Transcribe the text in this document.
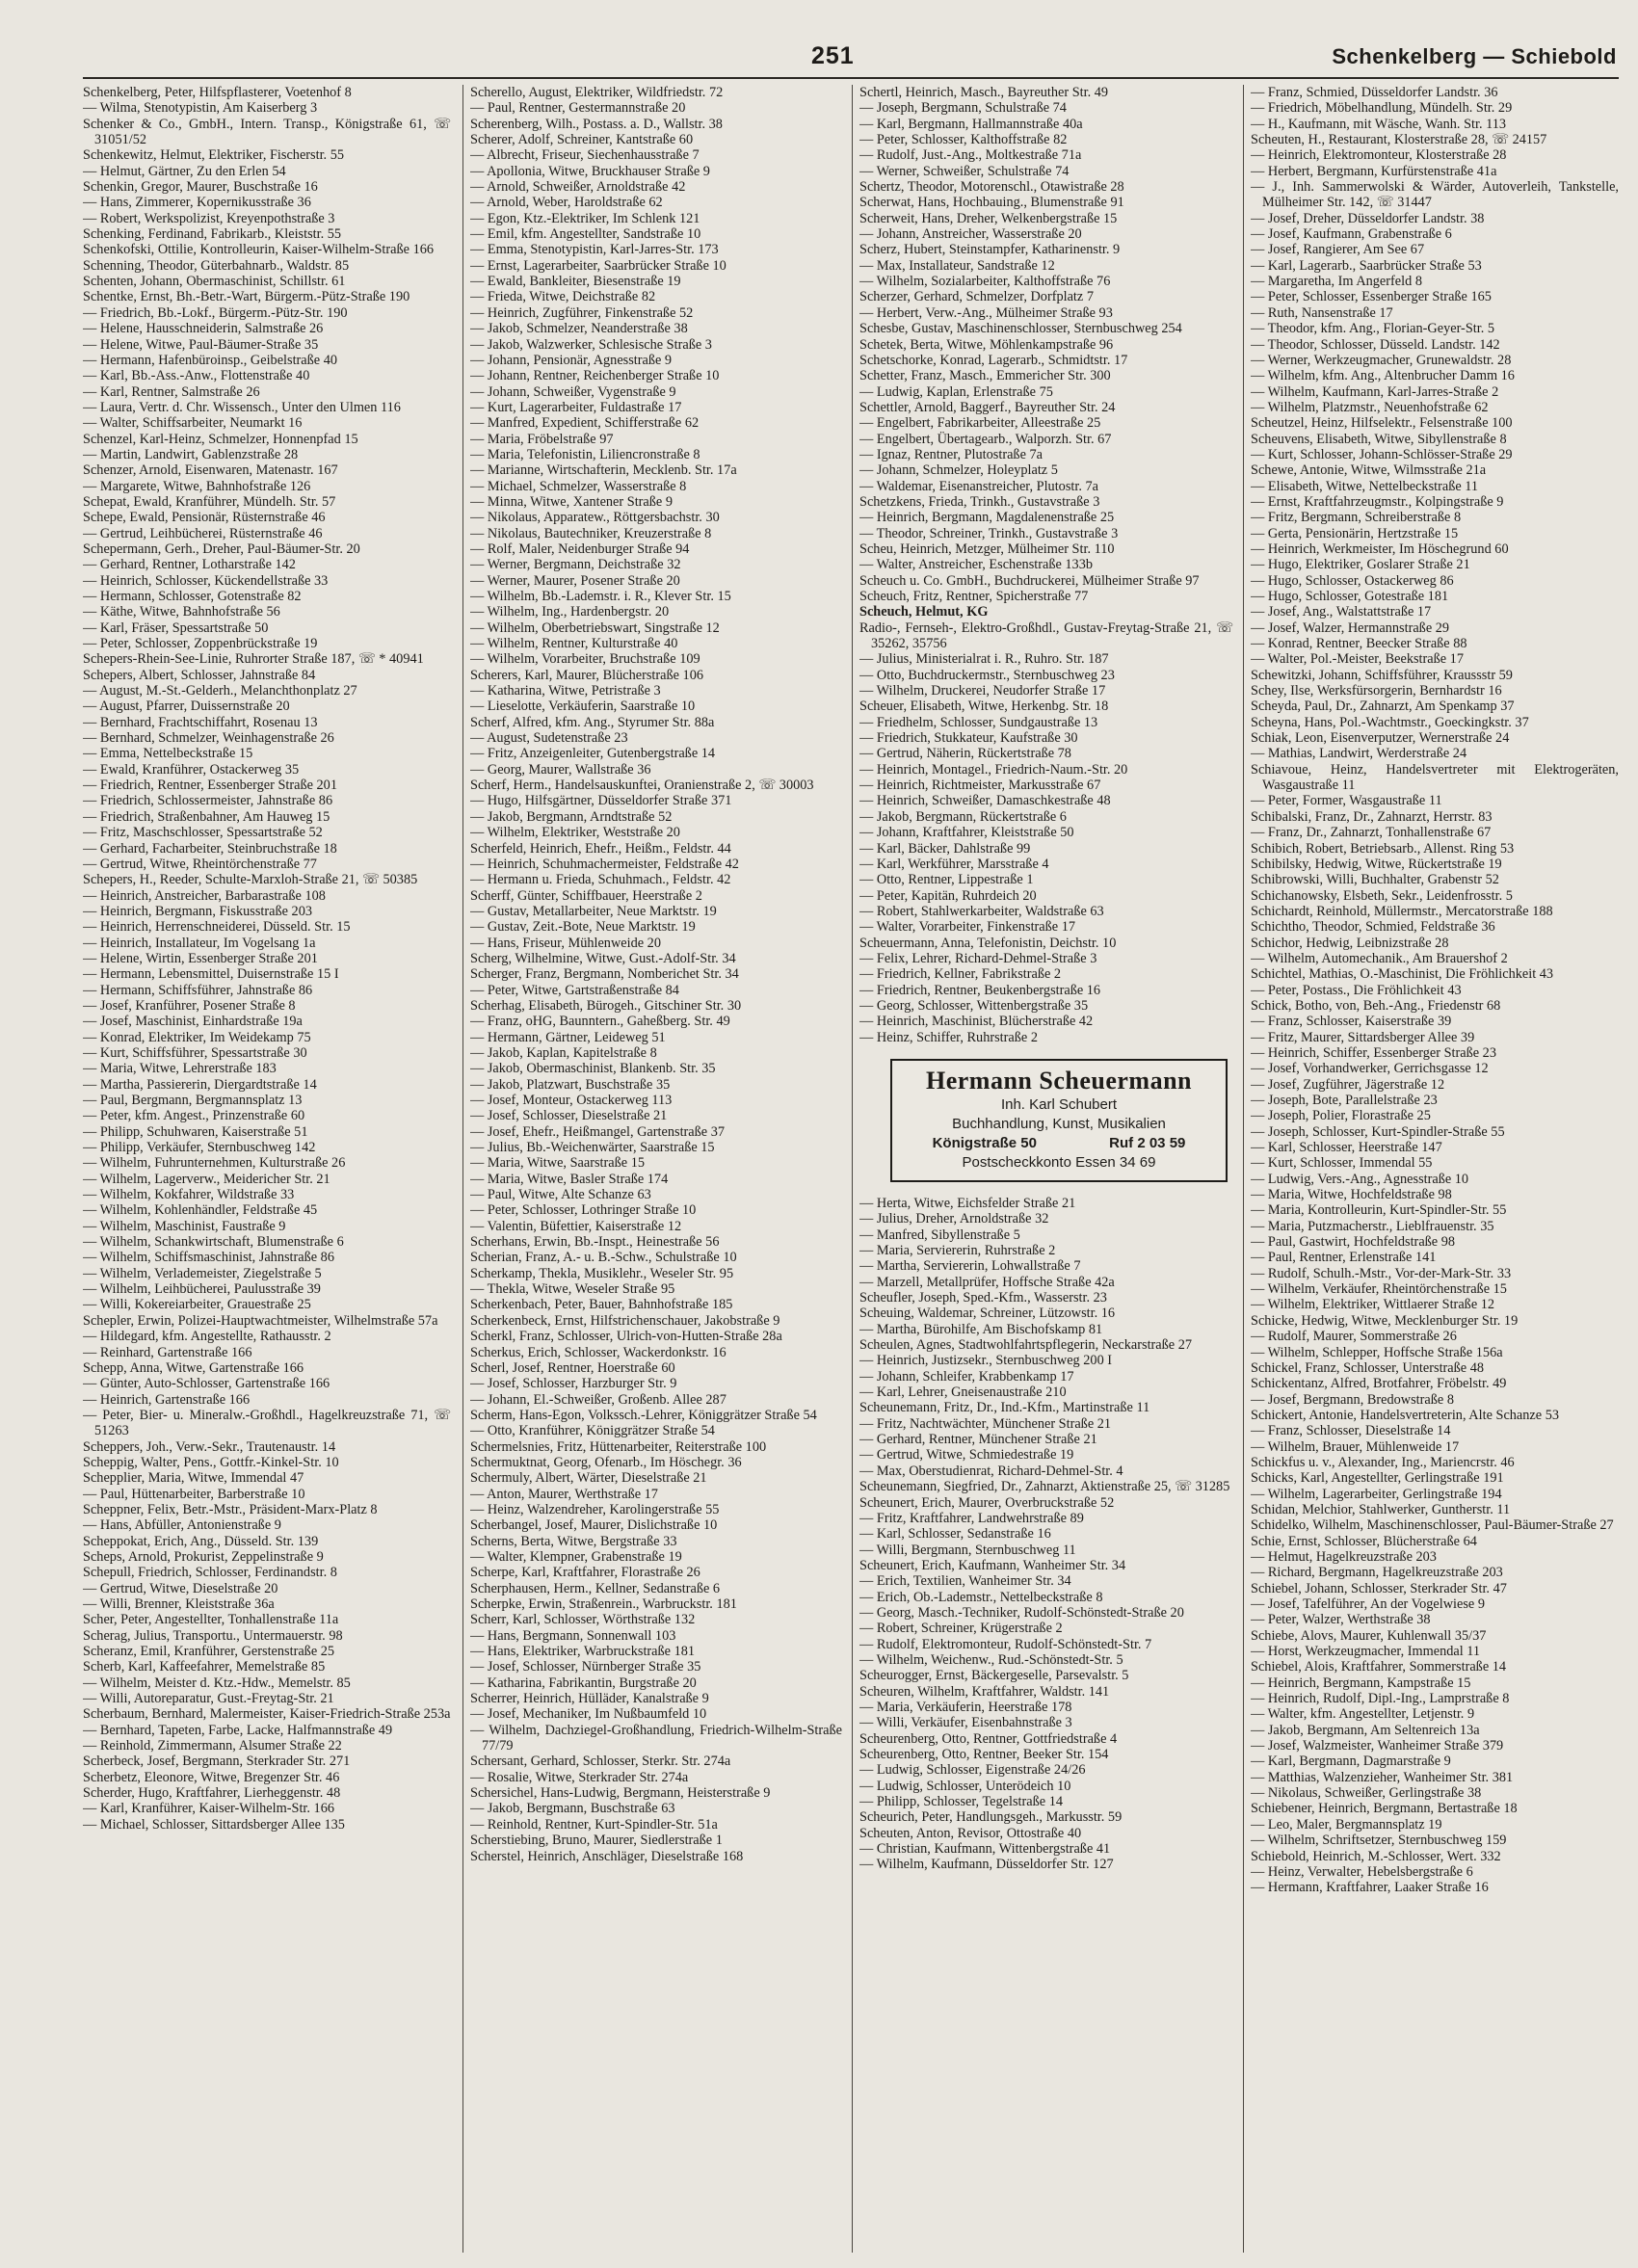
251	Schenkelberg — Schiebold

Schenkelberg, Peter, Hilfspflasterer, Voetenhof 8

— Wilma, Stenotypistin, Am Kaiserberg 3

Schenker & Co., GmbH., Intern. Transp., Königstraße 61, ☏ 31051/52

Schenkewitz, Helmut, Elektriker, Fischerstr. 55

— Helmut, Gärtner, Zu den Erlen 54

Schenkin, Gregor, Maurer, Buschstraße 16

— Hans, Zimmerer, Kopernikusstraße 36

— Robert, Werkspolizist, Kreyenpothstraße 3

Schenking, Ferdinand, Fabrikarb., Kleiststr. 55

Schenkofski, Ottilie, Kontrolleurin, Kaiser-Wilhelm-Straße 166

Schenning, Theodor, Güterbahnarb., Waldstr. 85

Schenten, Johann, Obermaschinist, Schillstr. 61

Schentke, Ernst, Bh.-Betr.-Wart, Bürgerm.-Pütz-Straße 190

— Friedrich, Bb.-Lokf., Bürgerm.-Pütz-Str. 190

— Helene, Hausschneiderin, Salmstraße 26

— Helene, Witwe, Paul-Bäumer-Straße 35

— Hermann, Hafenbüroinsp., Geibelstraße 40

— Karl, Bb.-Ass.-Anw., Flottenstraße 40

— Karl, Rentner, Salmstraße 26

— Laura, Vertr. d. Chr. Wissensch., Unter den Ulmen 116

— Walter, Schiffsarbeiter, Neumarkt 16

Schenzel, Karl-Heinz, Schmelzer, Honnenpfad 15

— Martin, Landwirt, Gablenzstraße 28

Schenzer, Arnold, Eisenwaren, Matenastr. 167

— Margarete, Witwe, Bahnhofstraße 126

Schepat, Ewald, Kranführer, Mündelh. Str. 57

Schepe, Ewald, Pensionär, Rüsternstraße 46

— Gertrud, Leihbücherei, Rüsternstraße 46

Schepermann, Gerh., Dreher, Paul-Bäumer-Str. 20

— Gerhard, Rentner, Lotharstraße 142

— Heinrich, Schlosser, Kückendellstraße 33

— Hermann, Schlosser, Gotenstraße 82

— Käthe, Witwe, Bahnhofstraße 56

— Karl, Fräser, Spessartstraße 50

— Peter, Schlosser, Zoppenbrückstraße 19

Schepers-Rhein-See-Linie, Ruhrorter Straße 187, ☏ * 40941

Schepers, Albert, Schlosser, Jahnstraße 84

— August, M.-St.-Gelderh., Melanchthonplatz 27

— August, Pfarrer, Duissernstraße 20

— Bernhard, Frachtschiffahrt, Rosenau 13

— Bernhard, Schmelzer, Weinhagenstraße 26

— Emma, Nettelbeckstraße 15

— Ewald, Kranführer, Ostackerweg 35

— Friedrich, Rentner, Essenberger Straße 201

— Friedrich, Schlossermeister, Jahnstraße 86

— Friedrich, Straßenbahner, Am Hauweg 15

— Fritz, Maschschlosser, Spessartstraße 52

— Gerhard, Facharbeiter, Steinbruchstraße 18

— Gertrud, Witwe, Rheintörchenstraße 77

Schepers, H., Reeder, Schulte-Marxloh-Straße 21, ☏ 50385

— Heinrich, Anstreicher, Barbarastraße 108

— Heinrich, Bergmann, Fiskusstraße 203

— Heinrich, Herrenschneiderei, Düsseld. Str. 15

— Heinrich, Installateur, Im Vogelsang 1a

— Helene, Wirtin, Essenberger Straße 201

— Hermann, Lebensmittel, Duisernstraße 15 I

— Hermann, Schiffsführer, Jahnstraße 86

— Josef, Kranführer, Posener Straße 8

— Josef, Maschinist, Einhardstraße 19a

— Konrad, Elektriker, Im Weidekamp 75

— Kurt, Schiffsführer, Spessartstraße 30

— Maria, Witwe, Lehrerstraße 183

— Martha, Passiererin, Diergardtstraße 14

— Paul, Bergmann, Bergmannsplatz 13

— Peter, kfm. Angest., Prinzenstraße 60

— Philipp, Schuhwaren, Kaiserstraße 51

— Philipp, Verkäufer, Sternbuschweg 142

— Wilhelm, Fuhrunternehmen, Kulturstraße 26

— Wilhelm, Lagerverw., Meidericher Str. 21

— Wilhelm, Kokfahrer, Wildstraße 33

— Wilhelm, Kohlenhändler, Feldstraße 45

— Wilhelm, Maschinist, Faustraße 9

— Wilhelm, Schankwirtschaft, Blumenstraße 6

— Wilhelm, Schiffsmaschinist, Jahnstraße 86

— Wilhelm, Verlademeister, Ziegelstraße 5

— Wilhelm, Leihbücherei, Paulusstraße 39

— Willi, Kokereiarbeiter, Grauestraße 25

Schepler, Erwin, Polizei-Hauptwachtmeister, Wilhelmstraße 57a

— Hildegard, kfm. Angestellte, Rathausstr. 2

— Reinhard, Gartenstraße 166

Schepp, Anna, Witwe, Gartenstraße 166

— Günter, Auto-Schlosser, Gartenstraße 166

— Heinrich, Gartenstraße 166

— Peter, Bier- u. Mineralw.-Großhdl., Hagelkreuzstraße 71, ☏ 51263

Scheppers, Joh., Verw.-Sekr., Trautenaustr. 14

Scheppig, Walter, Pens., Gottfr.-Kinkel-Str. 10

Schepplier, Maria, Witwe, Immendal 47

— Paul, Hüttenarbeiter, Barberstraße 10

Scheppner, Felix, Betr.-Mstr., Präsident-Marx-Platz 8

— Hans, Abfüller, Antonienstraße 9

Scheppokat, Erich, Ang., Düsseld. Str. 139

Scheps, Arnold, Prokurist, Zeppelinstraße 9

Schepull, Friedrich, Schlosser, Ferdinandstr. 8

— Gertrud, Witwe, Dieselstraße 20

— Willi, Brenner, Kleiststraße 36a

Scher, Peter, Angestellter, Tonhallenstraße 11a

Scherag, Julius, Transportu., Untermauerstr. 98

Scheranz, Emil, Kranführer, Gerstenstraße 25

Scherb, Karl, Kaffeefahrer, Memelstraße 85

— Wilhelm, Meister d. Ktz.-Hdw., Memelstr. 85

— Willi, Autoreparatur, Gust.-Freytag-Str. 21

Scherbaum, Bernhard, Malermeister, Kaiser-Friedrich-Straße 253a

— Bernhard, Tapeten, Farbe, Lacke, Halfmannstraße 49

— Reinhold, Zimmermann, Alsumer Straße 22

Scherbeck, Josef, Bergmann, Sterkrader Str. 271

Scherbetz, Eleonore, Witwe, Bregenzer Str. 46

Scherder, Hugo, Kraftfahrer, Lierheggenstr. 48

— Karl, Kranführer, Kaiser-Wilhelm-Str. 166

— Michael, Schlosser, Sittardsberger Allee 135

Scherello, August, Elektriker, Wildfriedstr. 72

— Paul, Rentner, Gestermannstraße 20

Scherenberg, Wilh., Postass. a. D., Wallstr. 38

Scherer, Adolf, Schreiner, Kantstraße 60

— Albrecht, Friseur, Siechenhausstraße 7

— Apollonia, Witwe, Bruckhauser Straße 9

— Arnold, Schweißer, Arnoldstraße 42

— Arnold, Weber, Haroldstraße 62

— Egon, Ktz.-Elektriker, Im Schlenk 121

— Emil, kfm. Angestellter, Sandstraße 10

— Emma, Stenotypistin, Karl-Jarres-Str. 173

— Ernst, Lagerarbeiter, Saarbrücker Straße 10

— Ewald, Bankleiter, Biesenstraße 19

— Frieda, Witwe, Deichstraße 82

— Heinrich, Zugführer, Finkenstraße 52

— Jakob, Schmelzer, Neanderstraße 38

— Jakob, Walzwerker, Schlesische Straße 3

— Johann, Pensionär, Agnesstraße 9

— Johann, Rentner, Reichenberger Straße 10

— Johann, Schweißer, Vygenstraße 9

— Kurt, Lagerarbeiter, Fuldastraße 17

— Manfred, Expedient, Schifferstraße 62

— Maria, Fröbelstraße 97

— Maria, Telefonistin, Liliencronstraße 8

— Marianne, Wirtschafterin, Mecklenb. Str. 17a

— Michael, Schmelzer, Wasserstraße 8

— Minna, Witwe, Xantener Straße 9

— Nikolaus, Apparatew., Röttgersbachstr. 30

— Nikolaus, Bautechniker, Kreuzerstraße 8

— Rolf, Maler, Neidenburger Straße 94

— Werner, Bergmann, Deichstraße 32

— Werner, Maurer, Posener Straße 20

— Wilhelm, Bb.-Lademstr. i. R., Klever Str. 15

— Wilhelm, Ing., Hardenbergstr. 20

— Wilhelm, Oberbetriebswart, Singstraße 12

— Wilhelm, Rentner, Kulturstraße 40

— Wilhelm, Vorarbeiter, Bruchstraße 109

Scherers, Karl, Maurer, Blücherstraße 106

— Katharina, Witwe, Petristraße 3

— Lieselotte, Verkäuferin, Saarstraße 10

Scherf, Alfred, kfm. Ang., Styrumer Str. 88a

— August, Sudetenstraße 23

— Fritz, Anzeigenleiter, Gutenbergstraße 14

— Georg, Maurer, Wallstraße 36

Scherf, Herm., Handelsauskunftei, Oranienstraße 2, ☏ 30003

— Hugo, Hilfsgärtner, Düsseldorfer Straße 371

— Jakob, Bergmann, Arndtstraße 52

— Wilhelm, Elektriker, Weststraße 20

Scherfeld, Heinrich, Ehefr., Heißm., Feldstr. 44

— Heinrich, Schuhmachermeister, Feldstraße 42

— Hermann u. Frieda, Schuhmach., Feldstr. 42

Scherff, Günter, Schiffbauer, Heerstraße 2

— Gustav, Metallarbeiter, Neue Marktstr. 19

— Gustav, Zeit.-Bote, Neue Marktstr. 19

— Hans, Friseur, Mühlenweide 20

Scherg, Wilhelmine, Witwe, Gust.-Adolf-Str. 34

Scherger, Franz, Bergmann, Nomberichet Str. 34

— Peter, Witwe, Gartstraßenstraße 84

Scherhag, Elisabeth, Bürogeh., Gitschiner Str. 30

— Franz, oHG, Baunntern., Gaheßberg. Str. 49

— Hermann, Gärtner, Leideweg 51

— Jakob, Kaplan, Kapitelstraße 8

— Jakob, Obermaschinist, Blankenb. Str. 35

— Jakob, Platzwart, Buschstraße 35

— Josef, Monteur, Ostackerweg 113

— Josef, Schlosser, Dieselstraße 21

— Josef, Ehefr., Heißmangel, Gartenstraße 37

— Julius, Bb.-Weichenwärter, Saarstraße 15

— Maria, Witwe, Saarstraße 15

— Maria, Witwe, Basler Straße 174

— Paul, Witwe, Alte Schanze 63

— Peter, Schlosser, Lothringer Straße 10

— Valentin, Büfettier, Kaiserstraße 12

Scherhans, Erwin, Bb.-Inspt., Heinestraße 56

Scherian, Franz, A.- u. B.-Schw., Schulstraße 10

Scherkamp, Thekla, Musiklehr., Weseler Str. 95

— Thekla, Witwe, Weseler Straße 95

Scherkenbach, Peter, Bauer, Bahnhofstraße 185

Scherkenbeck, Ernst, Hilfstrichenschauer, Jakobstraße 9

Scherkl, Franz, Schlosser, Ulrich-von-Hutten-Straße 28a

Scherkus, Erich, Schlosser, Wackerdonkstr. 16

Scherl, Josef, Rentner, Hoerstraße 60

— Josef, Schlosser, Harzburger Str. 9

— Johann, El.-Schweißer, Großenb. Allee 287

Scherm, Hans-Egon, Volkssch.-Lehrer, Königgrätzer Straße 54

— Otto, Kranführer, Königgrätzer Straße 54

Schermelsnies, Fritz, Hüttenarbeiter, Reiterstraße 100

Schermuktnat, Georg, Ofenarb., Im Höschegr. 36

Schermuly, Albert, Wärter, Dieselstraße 21

— Anton, Maurer, Werthstraße 17

— Heinz, Walzendreher, Karolingerstraße 55

Scherbangel, Josef, Maurer, Dislichstraße 10

Scherns, Berta, Witwe, Bergstraße 33

— Walter, Klempner, Grabenstraße 19

Scherpe, Karl, Kraftfahrer, Florastraße 26

Scherphausen, Herm., Kellner, Sedanstraße 6

Scherpke, Erwin, Straßenrein., Warbruckstr. 181

Scherr, Karl, Schlosser, Wörthstraße 132

— Hans, Bergmann, Sonnenwall 103

— Hans, Elektriker, Warbruckstraße 181

— Josef, Schlosser, Nürnberger Straße 35

— Katharina, Fabrikantin, Burgstraße 20

Scherrer, Heinrich, Hülläder, Kanalstraße 9

— Josef, Mechaniker, Im Nußbaumfeld 10

— Wilhelm, Dachziegel-Großhandlung, Friedrich-Wilhelm-Straße 77/79

Schersant, Gerhard, Schlosser, Sterkr. Str. 274a

— Rosalie, Witwe, Sterkrader Str. 274a

Schersichel, Hans-Ludwig, Bergmann, Heisterstraße 9

— Jakob, Bergmann, Buschstraße 63

— Reinhold, Rentner, Kurt-Spindler-Str. 51a

Scherstiebing, Bruno, Maurer, Siedlerstraße 1

Scherstel, Heinrich, Anschläger, Dieselstraße 168

Schertl, Heinrich, Masch., Bayreuther Str. 49

— Joseph, Bergmann, Schulstraße 74

— Karl, Bergmann, Hallmannstraße 40a

— Peter, Schlosser, Kalthoffstraße 82

— Rudolf, Just.-Ang., Moltkestraße 71a

— Werner, Schweißer, Schulstraße 74

Schertz, Theodor, Motorenschl., Otawistraße 28

Scherwat, Hans, Hochbauing., Blumenstraße 91

Scherweit, Hans, Dreher, Welkenbergstraße 15

— Johann, Anstreicher, Wasserstraße 20

Scherz, Hubert, Steinstampfer, Katharinenstr. 9

— Max, Installateur, Sandstraße 12

— Wilhelm, Sozialarbeiter, Kalthoffstraße 76

Scherzer, Gerhard, Schmelzer, Dorfplatz 7

— Herbert, Verw.-Ang., Mülheimer Straße 93

Schesbe, Gustav, Maschinenschlosser, Sternbuschweg 254

Schetek, Berta, Witwe, Möhlenkampstraße 96

Schetschorke, Konrad, Lagerarb., Schmidtstr. 17

Schetter, Franz, Masch., Emmericher Str. 300

— Ludwig, Kaplan, Erlenstraße 75

Schettler, Arnold, Baggerf., Bayreuther Str. 24

— Engelbert, Fabrikarbeiter, Alleestraße 25

— Engelbert, Übertagearb., Walporzh. Str. 67

— Ignaz, Rentner, Plutostraße 7a

— Johann, Schmelzer, Holeyplatz 5

— Waldemar, Eisenanstreicher, Plutostr. 7a

Schetzkens, Frieda, Trinkh., Gustavstraße 3

— Heinrich, Bergmann, Magdalenenstraße 25

— Theodor, Schreiner, Trinkh., Gustavstraße 3

Scheu, Heinrich, Metzger, Mülheimer Str. 110

— Walter, Anstreicher, Eschenstraße 133b

Scheuch u. Co. GmbH., Buchdruckerei, Mülheimer Straße 97

Scheuch, Fritz, Rentner, Spicherstraße 77

Scheuch, Helmut, KG

Radio-, Fernseh-, Elektro-Großhdl., Gustav-Freytag-Straße 21, ☏ 35262, 35756

— Julius, Ministerialrat i. R., Ruhro. Str. 187

— Otto, Buchdruckermstr., Sternbuschweg 23

— Wilhelm, Druckerei, Neudorfer Straße 17

Scheuer, Elisabeth, Witwe, Herkenbg. Str. 18

— Friedhelm, Schlosser, Sundgaustraße 13

— Friedrich, Stukkateur, Kaufstraße 30

— Gertrud, Näherin, Rückertstraße 78

— Heinrich, Montagel., Friedrich-Naum.-Str. 20

— Heinrich, Richtmeister, Markusstraße 67

— Heinrich, Schweißer, Damaschkestraße 48

— Jakob, Bergmann, Rückertstraße 6

— Johann, Kraftfahrer, Kleiststraße 50

— Karl, Bäcker, Dahlstraße 99

— Karl, Werkführer, Marsstraße 4

— Otto, Rentner, Lippestraße 1

— Peter, Kapitän, Ruhrdeich 20

— Robert, Stahlwerkarbeiter, Waldstraße 63

— Walter, Vorarbeiter, Finkenstraße 17

Scheuermann, Anna, Telefonistin, Deichstr. 10

— Felix, Lehrer, Richard-Dehmel-Straße 3

— Friedrich, Kellner, Fabrikstraße 2

— Friedrich, Rentner, Beukenbergstraße 16

— Georg, Schlosser, Wittenbergstraße 35

— Heinrich, Maschinist, Blücherstraße 42

— Heinz, Schiffer, Ruhrstraße 2

Hermann Scheuermann
Inh. Karl Schubert
Buchhandlung, Kunst, Musikalien
Königstraße 50	Ruf 2 03 59
Postscheckkonto Essen 34 69

— Herta, Witwe, Eichsfelder Straße 21

— Julius, Dreher, Arnoldstraße 32

— Manfred, Sibyllenstraße 5

— Maria, Serviererin, Ruhrstraße 2

— Martha, Serviererin, Lohwallstraße 7

— Marzell, Metallprüfer, Hoffsche Straße 42a

Scheufler, Joseph, Sped.-Kfm., Wasserstr. 23

Scheuing, Waldemar, Schreiner, Lützowstr. 16

— Martha, Bürohilfe, Am Bischofskamp 81

Scheulen, Agnes, Stadtwohlfahrtspflegerin, Neckarstraße 27

— Heinrich, Justizsekr., Sternbuschweg 200 I

— Johann, Schleifer, Krabbenkamp 17

— Karl, Lehrer, Gneisenaustraße 210

Scheunemann, Fritz, Dr., Ind.-Kfm., Martinstraße 11

— Fritz, Nachtwächter, Münchener Straße 21

— Gerhard, Rentner, Münchener Straße 21

— Gertrud, Witwe, Schmiedestraße 19

— Max, Oberstudienrat, Richard-Dehmel-Str. 4

Scheunemann, Siegfried, Dr., Zahnarzt, Aktienstraße 25, ☏ 31285

Scheunert, Erich, Maurer, Overbruckstraße 52

— Fritz, Kraftfahrer, Landwehrstraße 89

— Karl, Schlosser, Sedanstraße 16

— Willi, Bergmann, Sternbuschweg 11

Scheunert, Erich, Kaufmann, Wanheimer Str. 34

— Erich, Textilien, Wanheimer Str. 34

— Erich, Ob.-Lademstr., Nettelbeckstraße 8

— Georg, Masch.-Techniker, Rudolf-Schönstedt-Straße 20

— Robert, Schreiner, Krügerstraße 2

— Rudolf, Elektromonteur, Rudolf-Schönstedt-Str. 7

— Wilhelm, Weichenw., Rud.-Schönstedt-Str. 5

Scheurogger, Ernst, Bäckergeselle, Parsevalstr. 5

Scheuren, Wilhelm, Kraftfahrer, Waldstr. 141

— Maria, Verkäuferin, Heerstraße 178

— Willi, Verkäufer, Eisenbahnstraße 3

Scheurenberg, Otto, Rentner, Gottfriedstraße 4

Scheurenberg, Otto, Rentner, Beeker Str. 154

— Ludwig, Schlosser, Eigenstraße 24/26

— Ludwig, Schlosser, Unterödeich 10

— Philipp, Schlosser, Tegelstraße 14

Scheurich, Peter, Handlungsgeh., Markusstr. 59

Scheuten, Anton, Revisor, Ottostraße 40

— Christian, Kaufmann, Wittenbergstraße 41

— Wilhelm, Kaufmann, Düsseldorfer Str. 127

— Franz, Schmied, Düsseldorfer Landstr. 36

— Friedrich, Möbelhandlung, Mündelh. Str. 29

— H., Kaufmann, mit Wäsche, Wanh. Str. 113

Scheuten, H., Restaurant, Klosterstraße 28, ☏ 24157

— Heinrich, Elektromonteur, Klosterstraße 28

— Herbert, Bergmann, Kurfürstenstraße 41a

— J., Inh. Sammerwolski & Wärder, Autoverleih, Tankstelle, Mülheimer Str. 142, ☏ 31447

— Josef, Dreher, Düsseldorfer Landstr. 38

— Josef, Kaufmann, Grabenstraße 6

— Josef, Rangierer, Am See 67

— Karl, Lagerarb., Saarbrücker Straße 53

— Margaretha, Im Angerfeld 8

— Peter, Schlosser, Essenberger Straße 165

— Ruth, Nansenstraße 17

— Theodor, kfm. Ang., Florian-Geyer-Str. 5

— Theodor, Schlosser, Düsseld. Landstr. 142

— Werner, Werkzeugmacher, Grunewaldstr. 28

— Wilhelm, kfm. Ang., Altenbrucher Damm 16

— Wilhelm, Kaufmann, Karl-Jarres-Straße 2

— Wilhelm, Platzmstr., Neuenhofstraße 62

Scheutzel, Heinz, Hilfselektr., Felsenstraße 100

Scheuvens, Elisabeth, Witwe, Sibyllenstraße 8

— Kurt, Schlosser, Johann-Schlösser-Straße 29

Schewe, Antonie, Witwe, Wilmsstraße 21a

— Elisabeth, Witwe, Nettelbeckstraße 11

— Ernst, Kraftfahrzeugmstr., Kolpingstraße 9

— Fritz, Bergmann, Schreiberstraße 8

— Gerta, Pensionärin, Hertzstraße 15

— Heinrich, Werkmeister, Im Höschegrund 60

— Hugo, Elektriker, Goslarer Straße 21

— Hugo, Schlosser, Ostackerweg 86

— Hugo, Schlosser, Gotestraße 181

— Josef, Ang., Walstattstraße 17

— Josef, Walzer, Hermannstraße 29

— Konrad, Rentner, Beecker Straße 88

— Walter, Pol.-Meister, Beekstraße 17

Schewitzki, Johann, Schiffsführer, Kraussstr 59

Schey, Ilse, Werksfürsorgerin, Bernhardstr 16

Scheyda, Paul, Dr., Zahnarzt, Am Spenkamp 37

Scheyna, Hans, Pol.-Wachtmstr., Goeckingkstr. 37

Schiak, Leon, Eisenverputzer, Wernerstraße 24

— Mathias, Landwirt, Werderstraße 24

Schiavoue, Heinz, Handelsvertreter mit Elektrogeräten, Wasgaustraße 11

— Peter, Former, Wasgaustraße 11

Schibalski, Franz, Dr., Zahnarzt, Herrstr. 83

— Franz, Dr., Zahnarzt, Tonhallenstraße 67

Schibich, Robert, Betriebsarb., Allenst. Ring 53

Schibilsky, Hedwig, Witwe, Rückertstraße 19

Schibrowski, Willi, Buchhalter, Grabenstr 52

Schichanowsky, Elsbeth, Sekr., Leidenfrosstr. 5

Schichardt, Reinhold, Müllermstr., Mercatorstraße 188

Schichtho, Theodor, Schmied, Feldstraße 36

Schichor, Hedwig, Leibnizstraße 28

— Wilhelm, Automechanik., Am Brauershof 2

Schichtel, Mathias, O.-Maschinist, Die Fröhlichkeit 43

— Peter, Postass., Die Fröhlichkeit 43

Schick, Botho, von, Beh.-Ang., Friedenstr 68

— Franz, Schlosser, Kaiserstraße 39

— Fritz, Maurer, Sittardsberger Allee 39

— Heinrich, Schiffer, Essenberger Straße 23

— Josef, Vorhandwerker, Gerrichsgasse 12

— Josef, Zugführer, Jägerstraße 12

— Joseph, Bote, Parallelstraße 23

— Joseph, Polier, Florastraße 25

— Joseph, Schlosser, Kurt-Spindler-Straße 55

— Karl, Schlosser, Heerstraße 147

— Kurt, Schlosser, Immendal 55

— Ludwig, Vers.-Ang., Agnesstraße 10

— Maria, Witwe, Hochfeldstraße 98

— Maria, Kontrolleurin, Kurt-Spindler-Str. 55

— Maria, Putzmacherstr., Lieblfrauenstr. 35

— Paul, Gastwirt, Hochfeldstraße 98

— Paul, Rentner, Erlenstraße 141

— Rudolf, Schulh.-Mstr., Vor-der-Mark-Str. 33

— Wilhelm, Verkäufer, Rheintörchenstraße 15

— Wilhelm, Elektriker, Wittlaerer Straße 12

Schicke, Hedwig, Witwe, Mecklenburger Str. 19

— Rudolf, Maurer, Sommerstraße 26

— Wilhelm, Schlepper, Hoffsche Straße 156a

Schickel, Franz, Schlosser, Unterstraße 48

Schickentanz, Alfred, Brotfahrer, Fröbelstr. 49

— Josef, Bergmann, Bredowstraße 8

Schickert, Antonie, Handelsvertreterin, Alte Schanze 53

— Franz, Schlosser, Dieselstraße 14

— Wilhelm, Brauer, Mühlenweide 17

Schickfus u. v., Alexander, Ing., Mariencrstr. 46

Schicks, Karl, Angestellter, Gerlingstraße 191

— Wilhelm, Lagerarbeiter, Gerlingstraße 194

Schidan, Melchior, Stahlwerker, Guntherstr. 11

Schidelko, Wilhelm, Maschinenschlosser, Paul-Bäumer-Straße 27

Schie, Ernst, Schlosser, Blücherstraße 64

— Helmut, Hagelkreuzstraße 203

— Richard, Bergmann, Hagelkreuzstraße 203

Schiebel, Johann, Schlosser, Sterkrader Str. 47

— Josef, Tafelführer, An der Vogelwiese 9

— Peter, Walzer, Werthstraße 38

Schiebe, Alovs, Maurer, Kuhlenwall 35/37

— Horst, Werkzeugmacher, Immendal 11

Schiebel, Alois, Kraftfahrer, Sommerstraße 14

— Heinrich, Bergmann, Kampstraße 15

— Heinrich, Rudolf, Dipl.-Ing., Lamprstraße 8

— Walter, kfm. Angestellter, Letjenstr. 9

— Jakob, Bergmann, Am Seltenreich 13a

— Josef, Walzmeister, Wanheimer Straße 379

— Karl, Bergmann, Dagmarstraße 9

— Matthias, Walzenzieher, Wanheimer Str. 381

— Nikolaus, Schweißer, Gerlingstraße 38

Schiebener, Heinrich, Bergmann, Bertastraße 18

— Leo, Maler, Bergmannsplatz 19

— Wilhelm, Schriftsetzer, Sternbuschweg 159

Schiebold, Heinrich, M.-Schlosser, Wert. 332

— Heinz, Verwalter, Hebelsbergstraße 6

— Hermann, Kraftfahrer, Laaker Straße 16
